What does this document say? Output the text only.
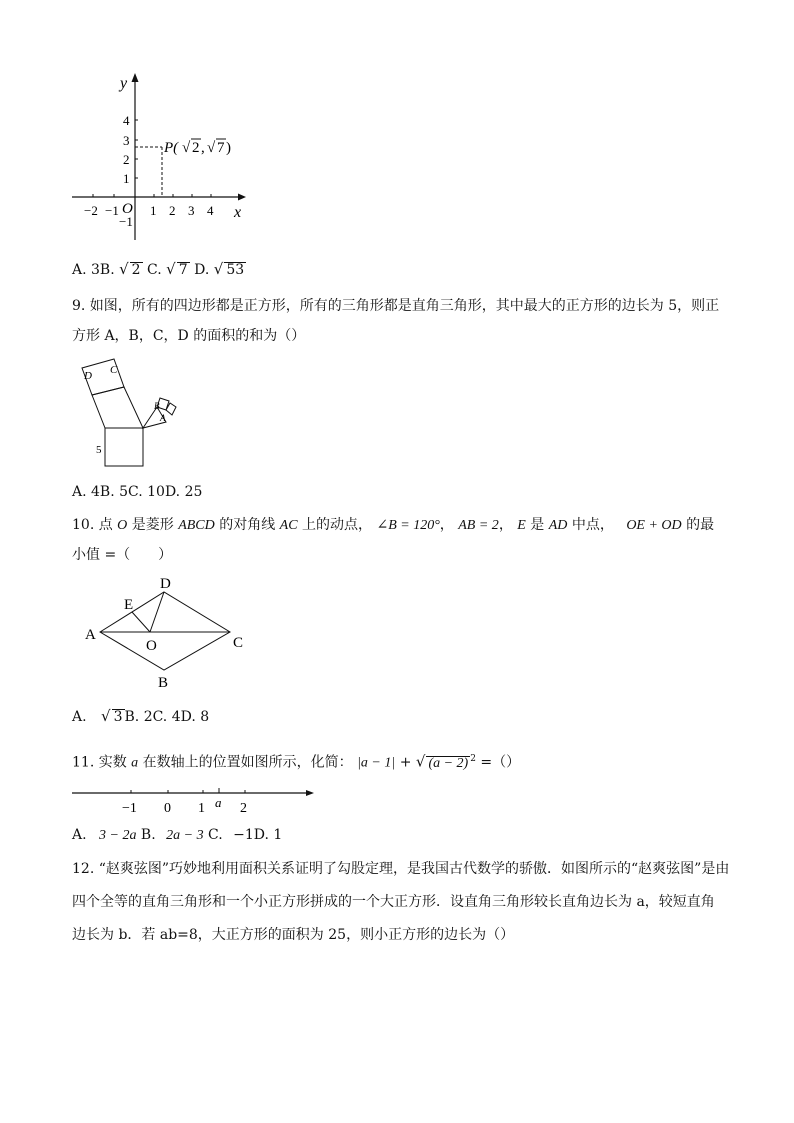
y
x
O
4
3
2
1
−1
−2 −1 1 2 3 4
P( √ 2 , √ 7 )
A. 3B. √ 2 C. √ 7 D. √ 53
9. 如图，所有的四边形都是正方形，所有的三角形都是直角三角形，其中最大的正方形的边长为 5，则正
方形 A，B，C，D 的面积的和为（）
D C
B
A
5
A. 4B. 5C. 10D. 25
10. 点 O 是菱形 ABCD 的对角线 AC 上的动点， ∠B = 120°， AB = 2， E 是 AD 中点， OE + OD 的最
小值 =（　　）
D
E
A
O	C
B
A. √ 3 B. 2C. 4D. 8
11. 实数 a 在数轴上的位置如图所示，化简： |a − 1| + √ (a − 2) $^2$ =（）
−1 0 1 a 2
A. 3 − 2a B. 2a − 3 C. −1D. 1
12. “赵爽弦图”巧妙地利用面积关系证明了勾股定理，是我国古代数学的骄傲．如图所示的“赵爽弦图”是由
四个全等的直角三角形和一个小正方形拼成的一个大正方形．设直角三角形较长直角边长为 a，较短直角
边长为 b．若 ab=8，大正方形的面积为 25，则小正方形的边长为（）
